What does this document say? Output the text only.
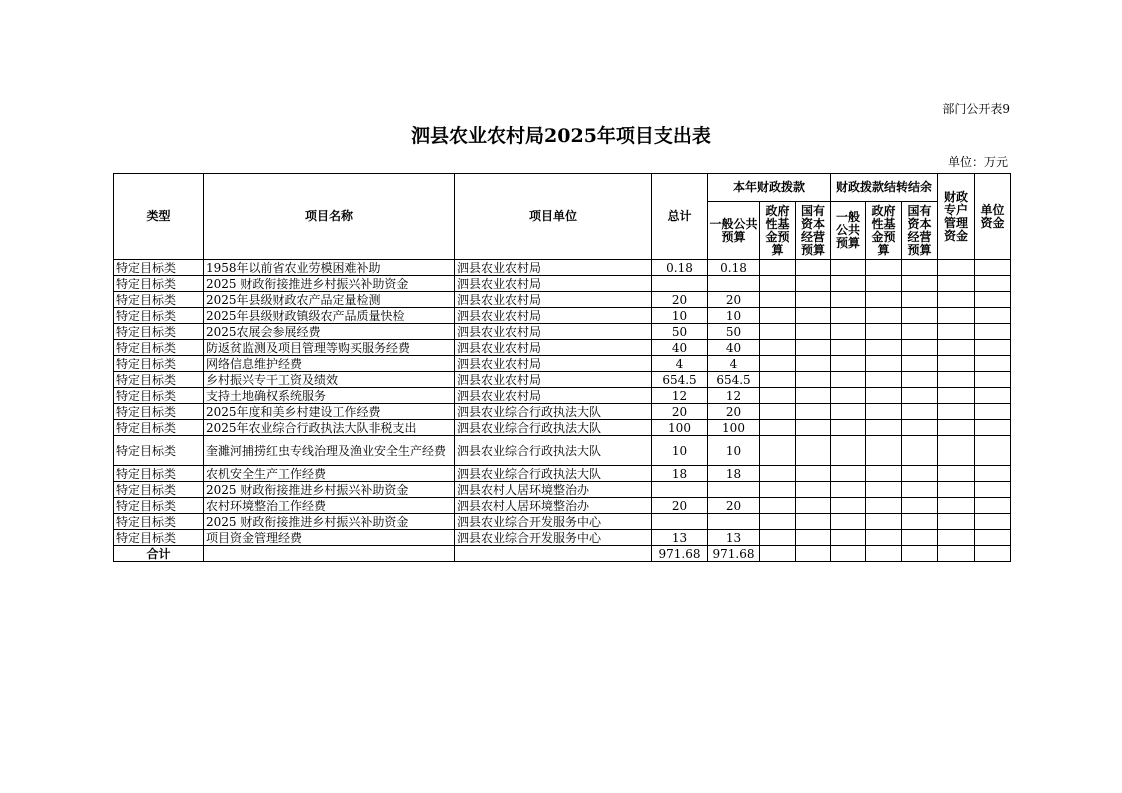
部门公开表9
泗县农业农村局2025年项目支出表
单位：万元
类型	项目名称	项目单位	总计	本年财政拨款			财政拨款结转结余			财政专户管理资金	单位资金
				一般公共预算	政府性基金预算	国有资本经营预算	一般公共预算	政府性基金预算	国有资本经营预算		
特定目标类	1958年以前省农业劳模困难补助	泗县农业农村局	0.18	0.18							
特定目标类	2025 财政衔接推进乡村振兴补助资金	泗县农业农村局									
特定目标类	2025年县级财政农产品定量检测	泗县农业农村局	20	20							
特定目标类	2025年县级财政镇级农产品质量快检	泗县农业农村局	10	10							
特定目标类	2025农展会参展经费	泗县农业农村局	50	50							
特定目标类	防返贫监测及项目管理等购买服务经费	泗县农业农村局	40	40							
特定目标类	网络信息维护经费	泗县农业农村局	4	4							
特定目标类	乡村振兴专干工资及绩效	泗县农业农村局	654.5	654.5							
特定目标类	支持土地确权系统服务	泗县农业农村局	12	12							
特定目标类	2025年度和美乡村建设工作经费	泗县农业综合行政执法大队	20	20							
特定目标类	2025年农业综合行政执法大队非税支出	泗县农业综合行政执法大队	100	100							
特定目标类	奎濉河捕捞红虫专线治理及渔业安全生产经费	泗县农业综合行政执法大队	10	10							
特定目标类	农机安全生产工作经费	泗县农业综合行政执法大队	18	18							
特定目标类	2025 财政衔接推进乡村振兴补助资金	泗县农村人居环境整治办									
特定目标类	农村环境整治工作经费	泗县农村人居环境整治办	20	20							
特定目标类	2025 财政衔接推进乡村振兴补助资金	泗县农业综合开发服务中心									
特定目标类	项目资金管理经费	泗县农业综合开发服务中心	13	13							
合计			971.68	971.68							
